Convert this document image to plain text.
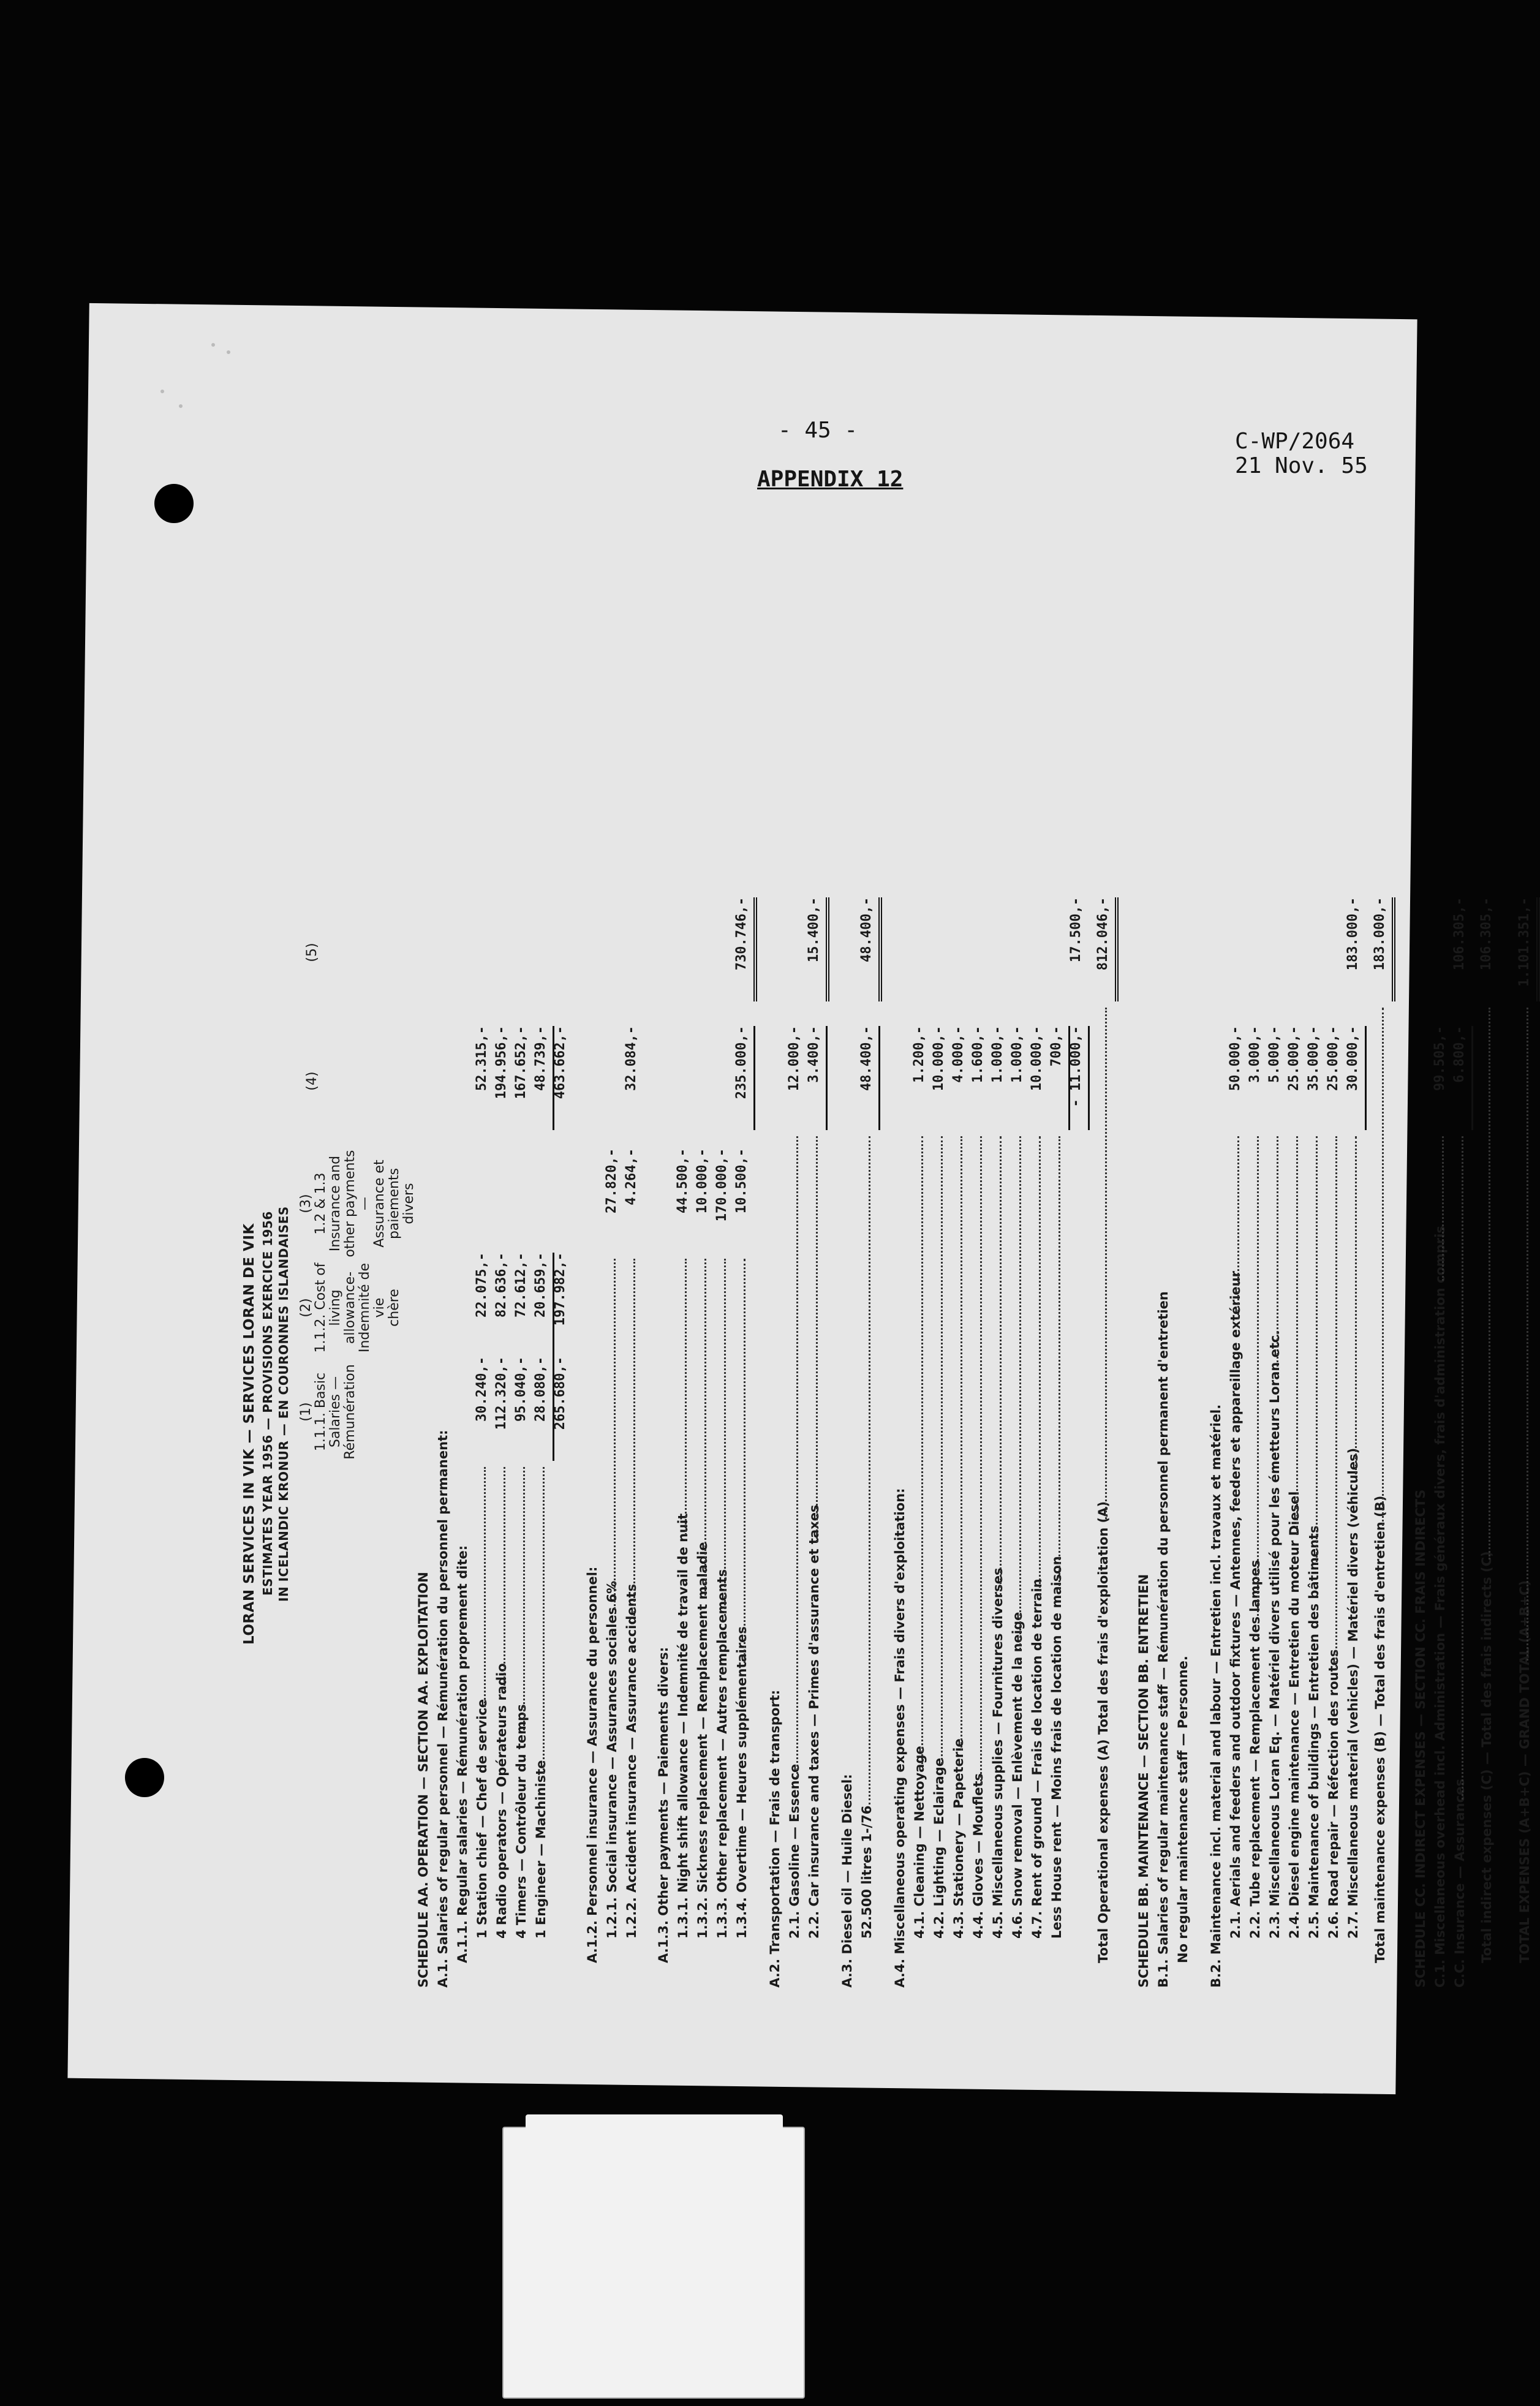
- 45 -
APPENDIX 12
C-WP/2064
21 Nov. 55
LORAN SERVICES IN VIK — SERVICES LORAN DE VIK ESTIMATES YEAR 1956 — PROVISIONS EXERCICE 1956 IN ICELANDIC KRONUR — EN COURONNES ISLANDAISES (1) 1.1.1. Basic Salaries — Rémunération
(2) 1.1.2. Cost of living allowance- Indemnité de vie chère
(3) 1.2 & 1.3 Insurance and other payments — Assurance et paiements divers
(4)
(5)
SCHEDULE AA. OPERATION — SECTION AA. EXPLOITATION A.1. Salaries of regular personnel — Rémunération du personnel permanent: A.1.1. Regular salaries — Rémunération proprement dite: 1 Station chief — Chef de service
30.240,-
22.075,-
52.315,-
4 Radio operators — Opérateurs radio
112.320,-
82.636,-
194.956,-
4 Timers — Contrôleur du temps
95.040,-
72.612,-
167.652,-
1 Engineer — Machiniste
28.080,-
20.659,-
48.739,-
265.680,-
197.982,-
463.662,-
A.1.2. Personnel insurance — Assurance du personnel: 1.2.1. Social insurance — Assurances sociales 6%
27.820,-
1.2.2. Accident insurance — Assurance accidents
4.264,-
32.084,-
A.1.3. Other payments — Paiements divers: 1.3.1. Night shift allowance — Indemnité de travail de nuit
44.500,-
1.3.2. Sickness replacement — Remplacement maladie
10.000,-
1.3.3. Other replacement — Autres remplacements
170.000,-
1.3.4. Overtime — Heures supplémentaires
10.500,-
235.000,-
730.746,-
A.2. Transportation — Frais de transport: 2.1. Gasoline — Essence
12.000,-
2.2. Car insurance and taxes — Primes d'assurance et taxes
3.400,-
15.400,-
A.3. Diesel oil — Huile Diesel: 52.500 litres 1-/76
48.400,-
48.400,-
A.4. Miscellaneous operating expenses — Frais divers d'exploitation: 4.1. Cleaning — Nettoyage
1.200,-
4.2. Lighting — Eclairage
10.000,-
4.3. Stationery — Papeterie
4.000,-
4.4. Gloves — Mouflets
1.600,-
4.5. Miscellaneous supplies — Fournitures diverses
1.000,-
4.6. Snow removal — Enlèvement de la neige
1.000,-
4.7. Rent of ground — Frais de location de terrain
10.000,-
Less House rent — Moins frais de location de maison
700,- - 11.000,-
17.500,-
Total Operational expenses (A) Total des frais d'exploitation (A)
812.046,-
SCHEDULE BB. MAINTENANCE — SECTION BB. ENTRETIEN B.1. Salaries of regular maintenance staff — Rémunération du personnel permanent d'entretien No regular maintenance staff — Personne.	B.2. Maintenance incl. material and labour — Entretien incl. travaux et matériel. 2.1. Aerials and feeders and outdoor fixtures — Antennes, feeders et appareillage extérieur
50.000,-
2.2. Tube replacement — Remplacement des lampes
3.000,-
2.3. Miscellaneous Loran Eq. — Matériel divers utilisé pour les émetteurs Loran etc.
5.000,-
2.4. Diesel engine maintenance — Entretien du moteur Diesel
25.000,-
2.5. Maintenance of buildings — Entretien des bâtiments
35.000,-
2.6. Road repair — Réfection des routes
25.000,-
2.7. Miscellaneous material (vehicles) — Matériel divers (véhicules)
30.000,-
183.000,-
Total maintenance expenses (B) — Total des frais d'entretien (B)
183.000,-
SCHEDULE CC. INDIRECT EXPENSES — SECTION CC. FRAIS INDIRECTS C.1. Miscellaneous overhead incl. Administration — Frais généraux divers, frais d'administration compris
99.505,-
C.C. Insurance — Assurances
6.800,-
106.305,-
Total indirect expenses (C) — Total des frais indirects (C)
106.305,-
TOTAL EXPENSES (A+B+C) — GRAND TOTAL (A+B+C)
1.101.351,-
